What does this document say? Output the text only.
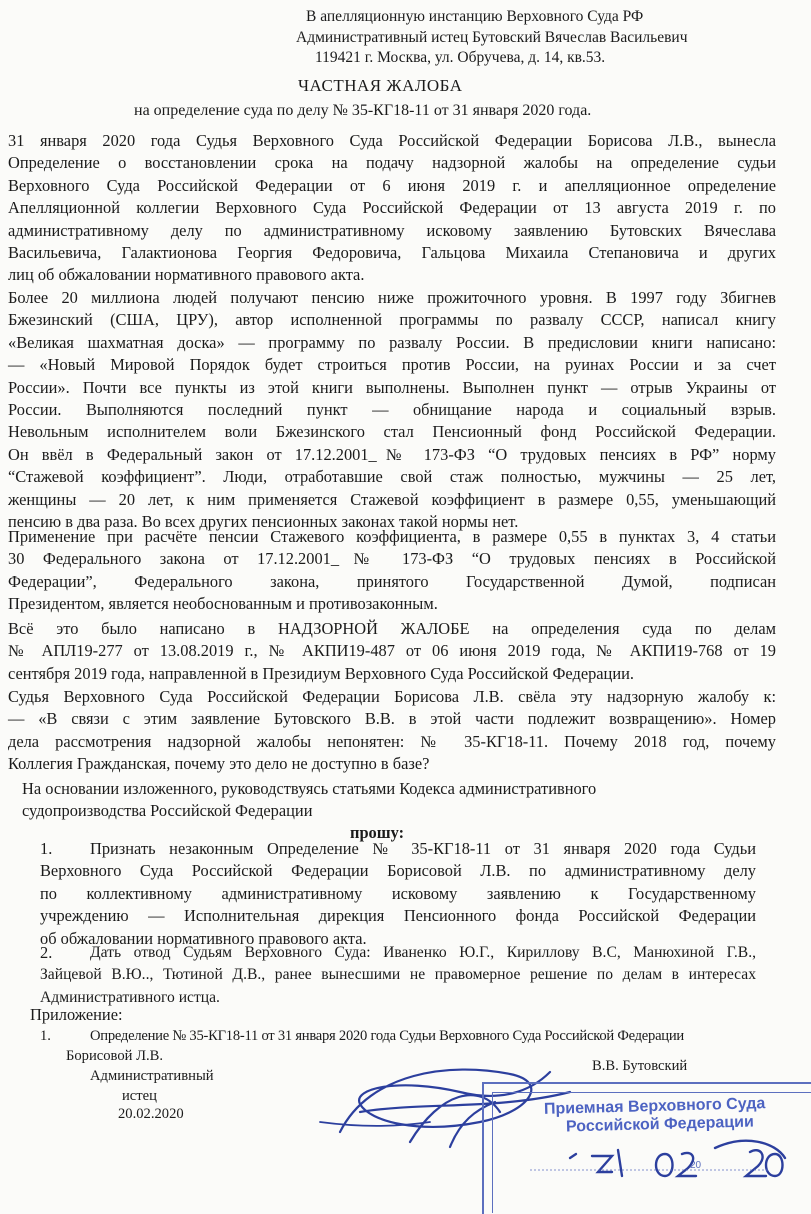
В апелляционную инстанцию Верховного Суда РФ
Административный истец Бутовский Вячеслав Васильевич
119421 г. Москва, ул. Обручева, д. 14, кв.53.
ЧАСТНАЯ ЖАЛОБА
на определение суда по делу № 35-КГ18-11 от 31 января 2020 года.
31 января 2020 года Судья Верховного Суда Российской Федерации Борисова Л.В., вынесла
Определение о восстановлении срока на подачу надзорной жалобы на определение судьи
Верховного Суда Российской Федерации от 6 июня 2019 г. и апелляционное определение
Апелляционной коллегии Верховного Суда Российской Федерации от 13 августа 2019 г. по
административному делу по административному исковому заявлению Бутовских Вячеслава
Васильевича, Галактионова Георгия Федоровича, Гальцова Михаила Степановича и других
лиц об обжаловании нормативного правового акта.
Более 20 миллиона людей получают пенсию ниже прожиточного уровня. В 1997 году Збигнев
Бжезинский (США, ЦРУ), автор исполненной программы по развалу СССР, написал книгу
«Великая шахматная доска» — программу по развалу России. В предисловии книги написано:
— «Новый Мировой Порядок будет строиться против России, на руинах России и за счет
России». Почти все пункты из этой книги выполнены. Выполнен пункт — отрыв Украины от
России. Выполняются последний пункт — обнищание народа и социальный взрыв.
Невольным исполнителем воли Бжезинского стал Пенсионный фонд Российской Федерации.
Он ввёл в Федеральный закон от 17.12.2001_№ 173-ФЗ “О трудовых пенсиях в РФ” норму
“Стажевой коэффициент”. Люди, отработавшие свой стаж полностью, мужчины — 25 лет,
женщины — 20 лет, к ним применяется Стажевой коэффициент в размере 0,55, уменьшающий
пенсию в два раза. Во всех других пенсионных законах такой нормы нет.
Применение при расчёте пенсии Стажевого коэффициента, в размере 0,55 в пунктах 3, 4 статьи
30 Федерального закона от 17.12.2001_№ 173-ФЗ “О трудовых пенсиях в Российской
Федерации”, Федерального закона, принятого Государственной Думой, подписан
Президентом, является необоснованным и противозаконным.
Всё это было написано в НАДЗОРНОЙ ЖАЛОБЕ на определения суда по делам
№ АПЛ19-277 от 13.08.2019 г., № АКПИ19-487 от 06 июня 2019 года, № АКПИ19-768 от 19
сентября 2019 года, направленной в Президиум Верховного Суда Российской Федерации.
Судья Верховного Суда Российской Федерации Борисова Л.В. свёла эту надзорную жалобу к:
— «В связи с этим заявление Бутовского В.В. в этой части подлежит возвращению». Номер
дела рассмотрения надзорной жалобы непонятен: № 35-КГ18-11. Почему 2018 год, почему
Коллегия Гражданская, почему это дело не доступно в базе?
На основании изложенного, руководствуясь статьями Кодекса административного
судопроизводства Российской Федерации
прошу:
1.	Признать незаконным Определение № 35-КГ18-11 от 31 января 2020 года Судьи
Верховного Суда Российской Федерации Борисовой Л.В. по административному делу
по коллективному административному исковому заявлению к Государственному
учреждению — Исполнительная дирекция Пенсионного фонда Российской Федерации
об обжаловании нормативного правового акта.
2.	Дать отвод Судьям Верховного Суда: Иваненко Ю.Г., Кириллову В.С, Манюхиной Г.В.,
Зайцевой В.Ю.., Тютиной Д.В., ранее вынесшими не правомерное решение по делам в интересах
Административного истца.
Приложение:
1.	Определение № 35-КГ18-11 от 31 января 2020 года Судьи Верховного Суда Российской Федерации
Борисовой Л.В.
Административный
истец
20.02.2020
В.В. Бутовский
Приемная Верховного Суда
Российской Федерации
20
